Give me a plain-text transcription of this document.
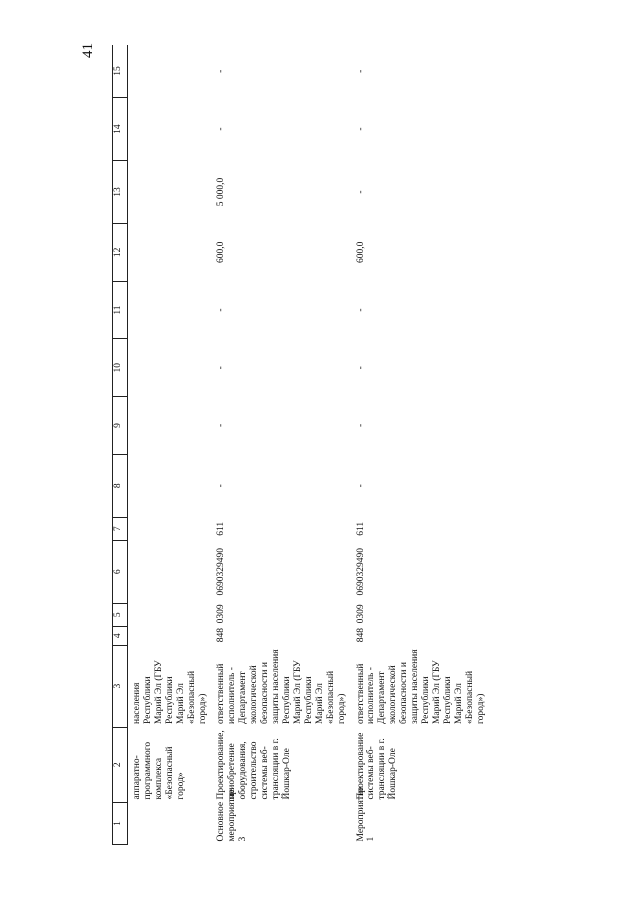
41
1	2	3	4	5	6	7	8	9	10	11	12	13	14	15
	аппаратно-программного комплекса «Безопасный город»	населения Республики Марий Эл (ГБУ Республики Марий Эл «Безопасный город»)												
Основное мероприятие 3	Проектирование, приобретение оборудования, строительство системы веб-трансляции в г. Йошкар-Оле	ответственный исполнитель - Департамент экологической безопасности и защиты населения Республики Марий Эл (ГБУ Республики Марий Эл «Безопасный город»)	848	0309	0690329490	611	-	-	-	-	600,0	5 000,0	-	-
Мероприятие 1	Проектирование системы веб-трансляции в г. Йошкар-Оле	ответственный исполнитель - Департамент экологической безопасности и защиты населения Республики Марий Эл (ГБУ Республики Марий Эл «Безопасный город»)	848	0309	0690329490	611	-	-	-	-	600,0	-	-	-
